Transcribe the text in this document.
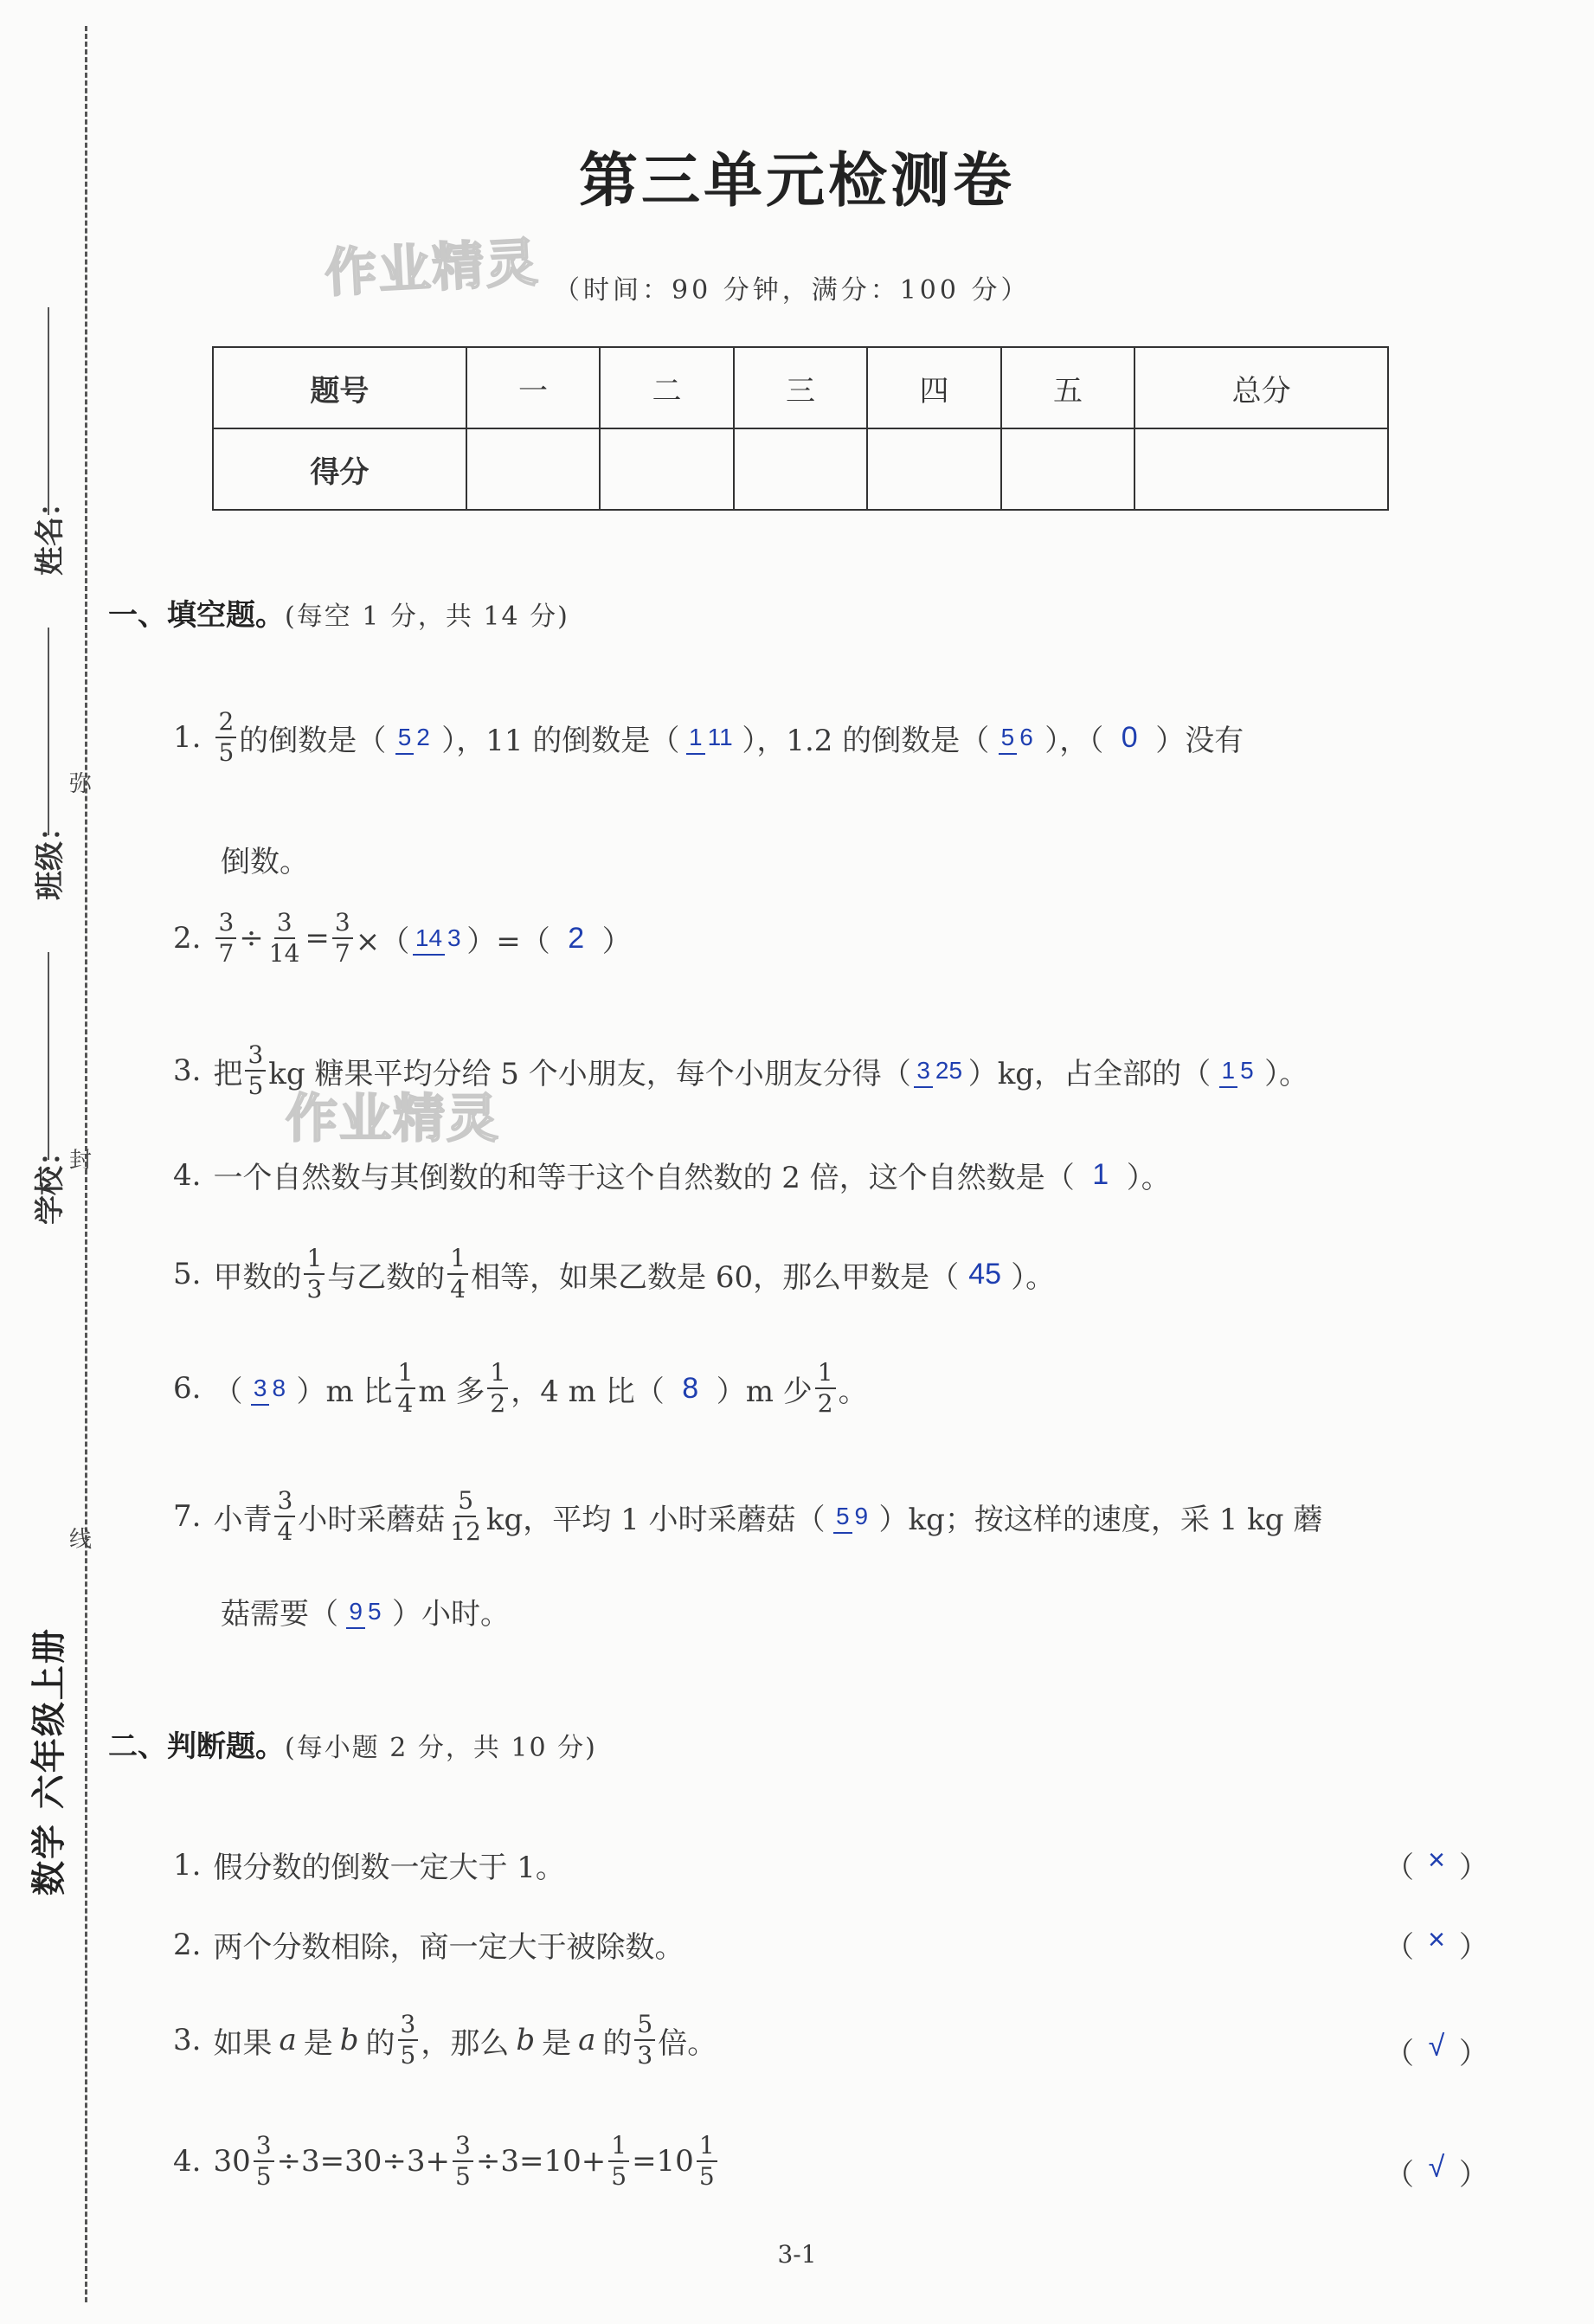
姓名：
班级：
学校：
弥
封
线
数学 六年级上册
作业精灵
作业精灵
第三单元检测卷
（时间：90 分钟，满分：100 分）
题号	一	二	三	四	五	总分
得分						
一、填空题。(每空 1 分，共 14 分)
1. $\frac{2}{5}$ 的倒数是（ 5 2 ），11 的倒数是（ 1 11 ），1.2 的倒数是（ 5 6 ），（ 0 ）没有
倒数。
2. $\frac{3}{7} \div \frac{3}{14} = \frac{3}{7}$ ×（ 14 3 ）=（ 2 ）
3. 把 $\frac{3}{5}$ kg 糖果平均分给 5 个小朋友，每个小朋友分得（ 3 25 ）kg，占全部的（ 1 5 ）。
4. 一个自然数与其倒数的和等于这个自然数的 2 倍，这个自然数是（ 1 ）。
5. 甲数的 $\frac{1}{3}$ 与乙数的 $\frac{1}{4}$ 相等，如果乙数是 60，那么甲数是（ 45 ）。
6. （ 3 8 ）m 比 $\frac{1}{4}$ m 多 $\frac{1}{2}$ ，4 m 比（ 8 ）m 少 $\frac{1}{2}$ 。
7. 小青 $\frac{3}{4}$ 小时采蘑菇 $\frac{5}{12}$ kg，平均 1 小时采蘑菇（ 5 9 ）kg；按这样的速度，采 1 kg 蘑
菇需要（ 9 5 ）小时。
二、判断题。(每小题 2 分，共 10 分)
1. 假分数的倒数一定大于 1。	（ × ）
2. 两个分数相除，商一定大于被除数。	（ × ）
3. 如果 a 是 b 的 $\frac{3}{5}$ ，那么 b 是 a 的 $\frac{5}{3}$ 倍。	（ √ ）
4. $30 \frac{3}{5} \div 3=30\div 3+ \frac{3}{5} \div 3=10+ \frac{1}{5} =10 \frac{1}{5}$	（ √ ）
3-1
